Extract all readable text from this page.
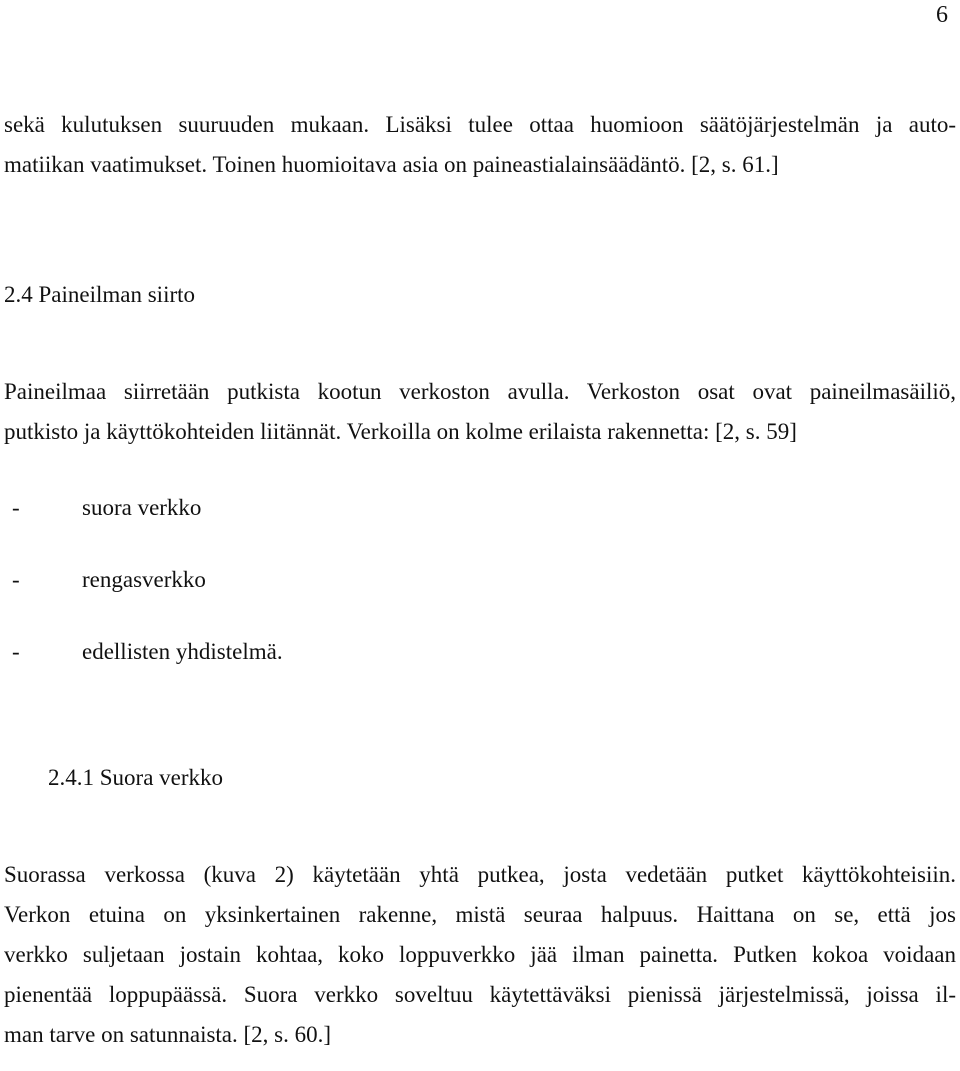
6

sekä kulutuksen suuruuden mukaan. Lisäksi tulee ottaa huomioon säätöjärjestelmän ja auto-
matiikan vaatimukset. Toinen huomioitava asia on paineastialainsäädäntö. [2, s. 61.]

2.4 Paineilman siirto

Paineilmaa siirretään putkista kootun verkoston avulla. Verkoston osat ovat paineilmasäiliö,
putkisto ja käyttökohteiden liitännät. Verkoilla on kolme erilaista rakennetta: [2, s. 59]

-	suora verkko
-	rengasverkko
-	edellisten yhdistelmä.
2.4.1 Suora verkko

Suorassa verkossa (kuva 2) käytetään yhtä putkea, josta vedetään putket käyttökohteisiin.
Verkon etuina on yksinkertainen rakenne, mistä seuraa halpuus. Haittana on se, että jos
verkko suljetaan jostain kohtaa, koko loppuverkko jää ilman painetta. Putken kokoa voidaan
pienentää loppupäässä. Suora verkko soveltuu käytettäväksi pienissä järjestelmissä, joissa il-
man tarve on satunnaista. [2, s. 60.]
